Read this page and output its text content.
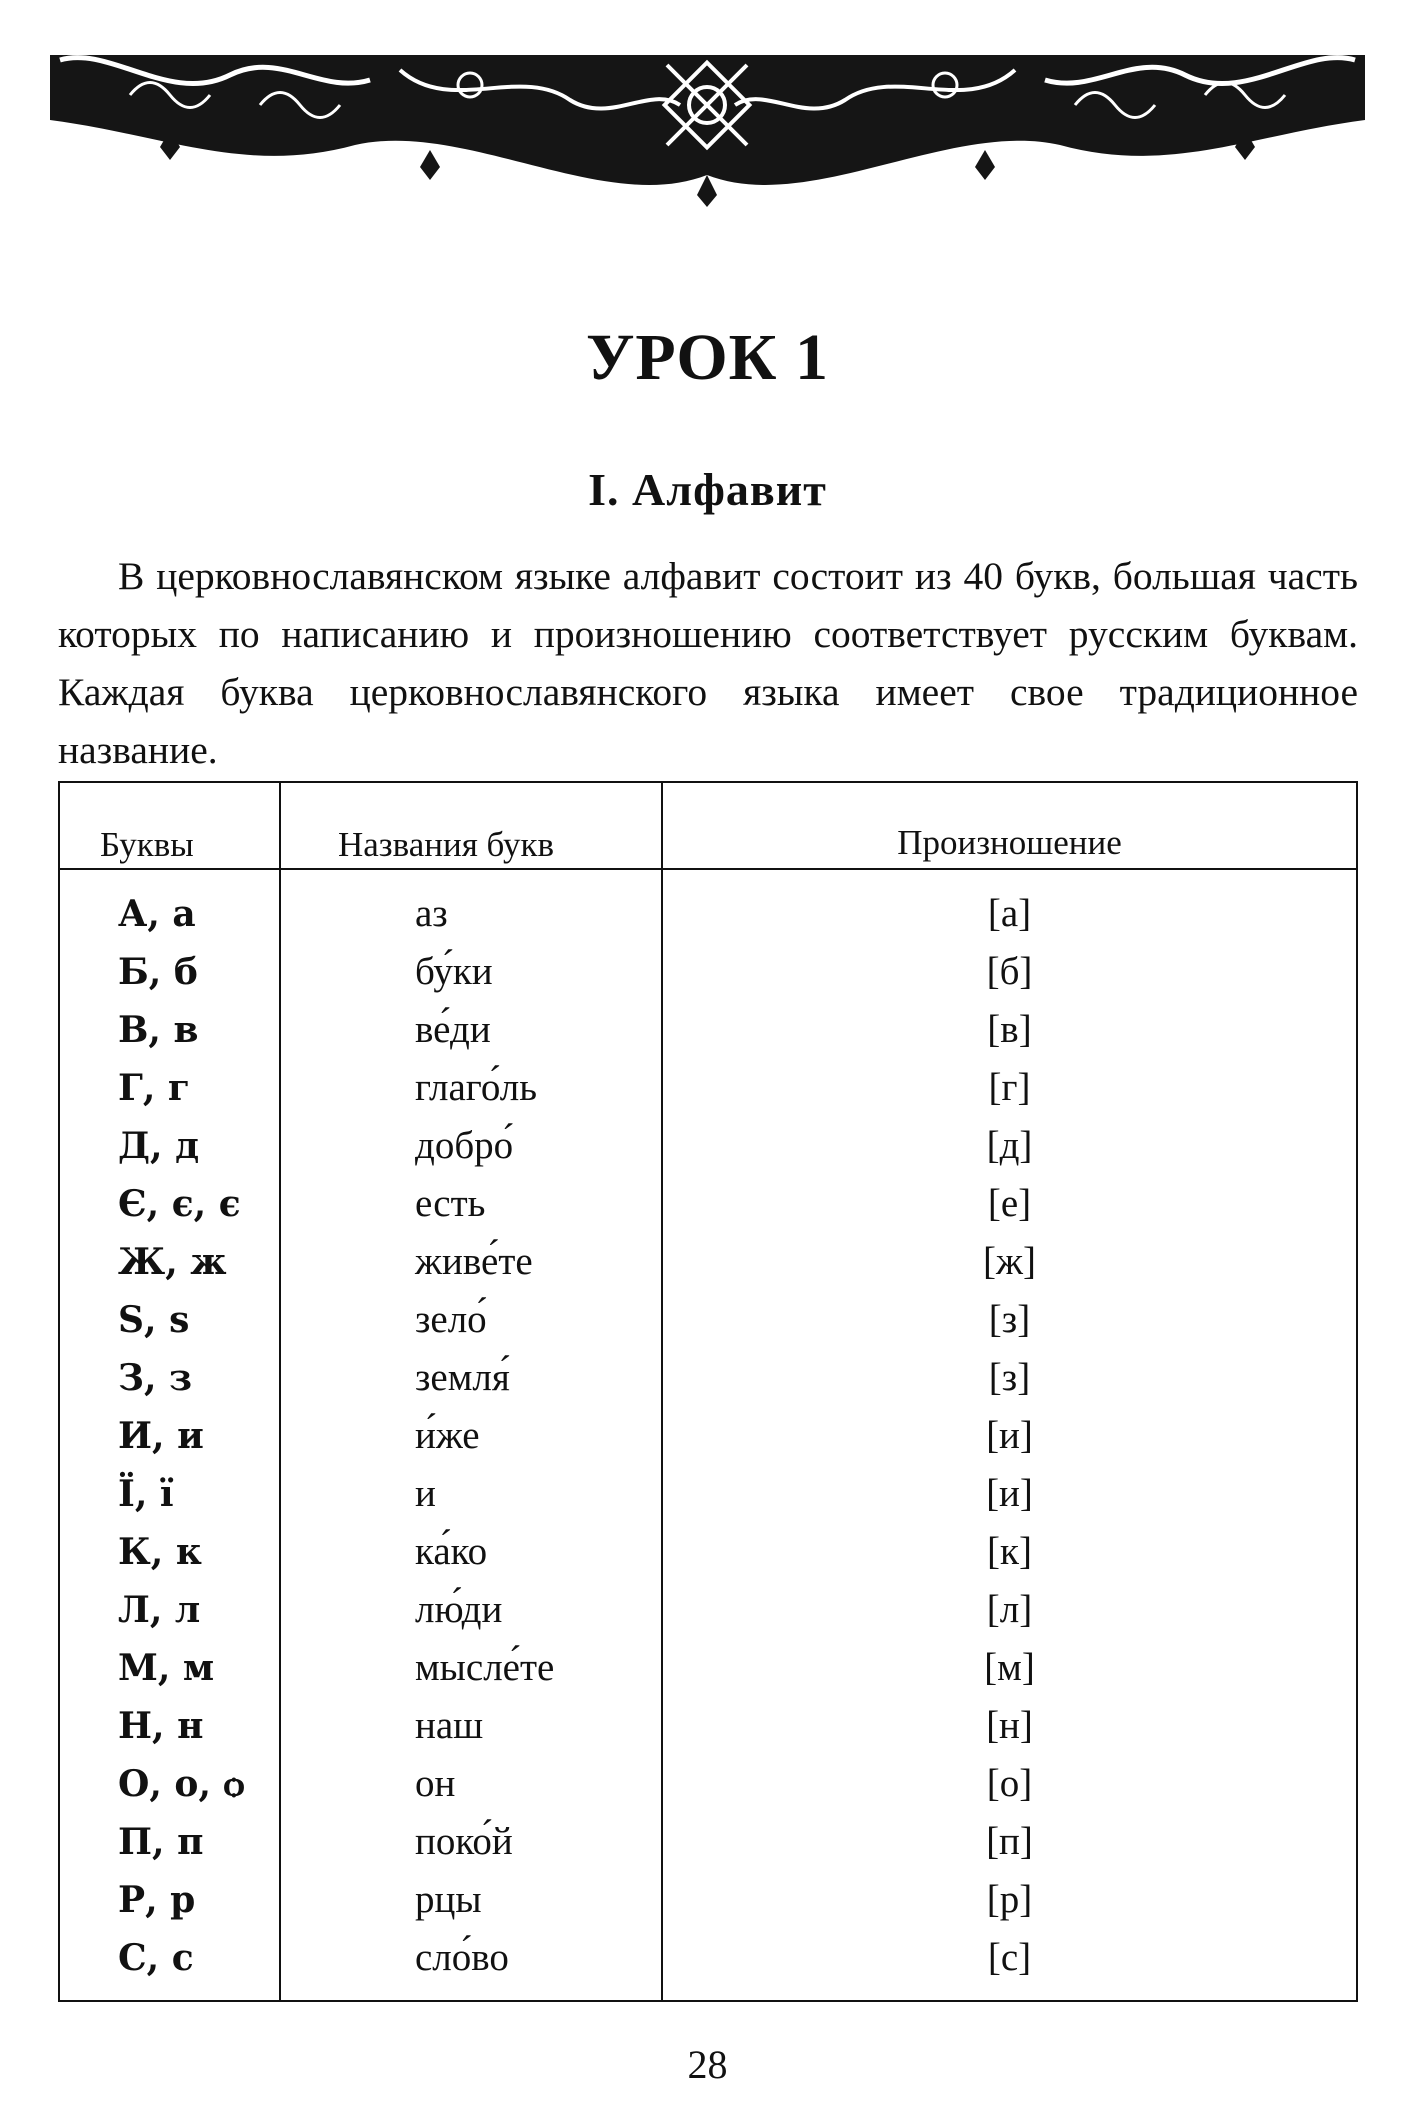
УРОК 1
I. Алфавит

В церковнославянском языке алфавит состоит из 40 букв, большая часть которых по написанию и произношению соответствует русским буквам. Каждая буква церковнославянского языка имеет свое традиционное название.

Буквы	Названия букв	Произношение
А, а	аз	[а]
Б, б	бу́ки	[б]
В, в	ве́ди	[в]
Г, г	глаго́ль	[г]
Д, д	добро́	[д]
Є, є, є	есть	[е]
Ж, ж	живе́те	[ж]
Ѕ, ѕ	зело́	[з]
З, з	земля́	[з]
И, и	и́же	[и]
Ї, ї	и	[и]
К, к	ка́ко	[к]
Л, л	лю́ди	[л]
М, м	мысле́те	[м]
Н, н	наш	[н]
О, о, ѻ	он	[о]
П, п	поко́й	[п]
Р, р	рцы	[р]
С, с	сло́во	[с]
28
